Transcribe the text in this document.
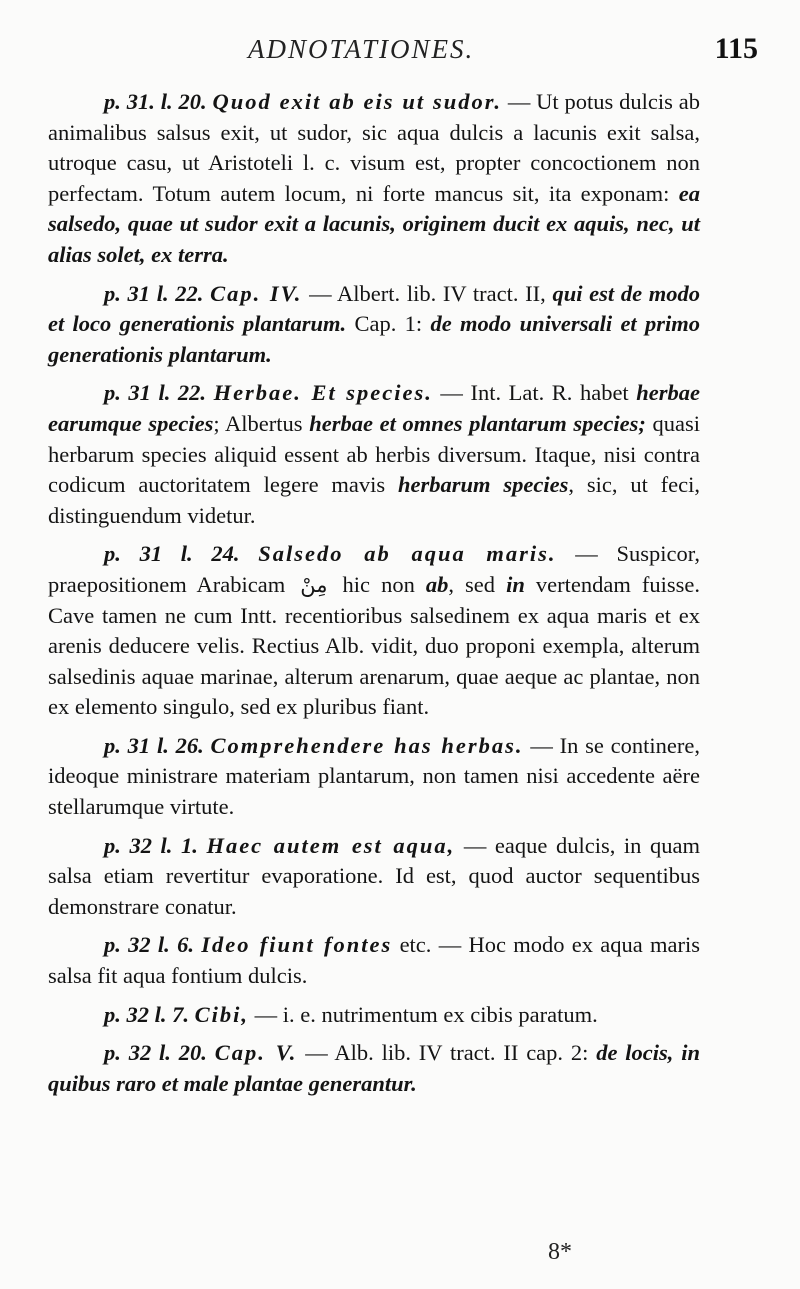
ADNOTATIONES.	115

p. 31. l. 20. Quod exit ab eis ut sudor. — Ut potus dulcis ab animalibus salsus exit, ut sudor, sic aqua dulcis a lacunis exit salsa, utroque casu, ut Aristoteli l. c. visum est, propter concoctionem non perfectam. Totum autem locum, ni forte mancus sit, ita exponam: ea salsedo, quae ut sudor exit a lacunis, originem ducit ex aquis, nec, ut alias solet, ex terra.

p. 31 l. 22. Cap. IV. — Albert. lib. IV tract. II, qui est de modo et loco generationis plantarum. Cap. 1: de modo universali et primo generationis plantarum.

p. 31 l. 22. Herbae. Et species. — Int. Lat. R. habet herbae earumque species; Albertus herbae et omnes plantarum species; quasi herbarum species aliquid essent ab herbis diversum. Itaque, nisi contra codicum auctoritatem legere mavis herbarum species, sic, ut feci, distinguendum videtur.

p. 31 l. 24. Salsedo ab aqua maris. — Suspicor, praepositionem Arabicam مِنْ hic non ab, sed in vertendam fuisse. Cave tamen ne cum Intt. recentioribus salsedinem ex aqua maris et ex arenis deducere velis. Rectius Alb. vidit, duo proponi exempla, alterum salsedinis aquae marinae, alterum arenarum, quae aeque ac plantae, non ex elemento singulo, sed ex pluribus fiant.

p. 31 l. 26. Comprehendere has herbas. — In se continere, ideoque ministrare materiam plantarum, non tamen nisi accedente aëre stellarumque virtute.

p. 32 l. 1. Haec autem est aqua, — eaque dulcis, in quam salsa etiam revertitur evaporatione. Id est, quod auctor sequentibus demonstrare conatur.

p. 32 l. 6. Ideo fiunt fontes etc. — Hoc modo ex aqua maris salsa fit aqua fontium dulcis.

p. 32 l. 7. Cibi, — i. e. nutrimentum ex cibis paratum.

p. 32 l. 20. Cap. V. — Alb. lib. IV tract. II cap. 2: de locis, in quibus raro et male plantae generantur.

8*
